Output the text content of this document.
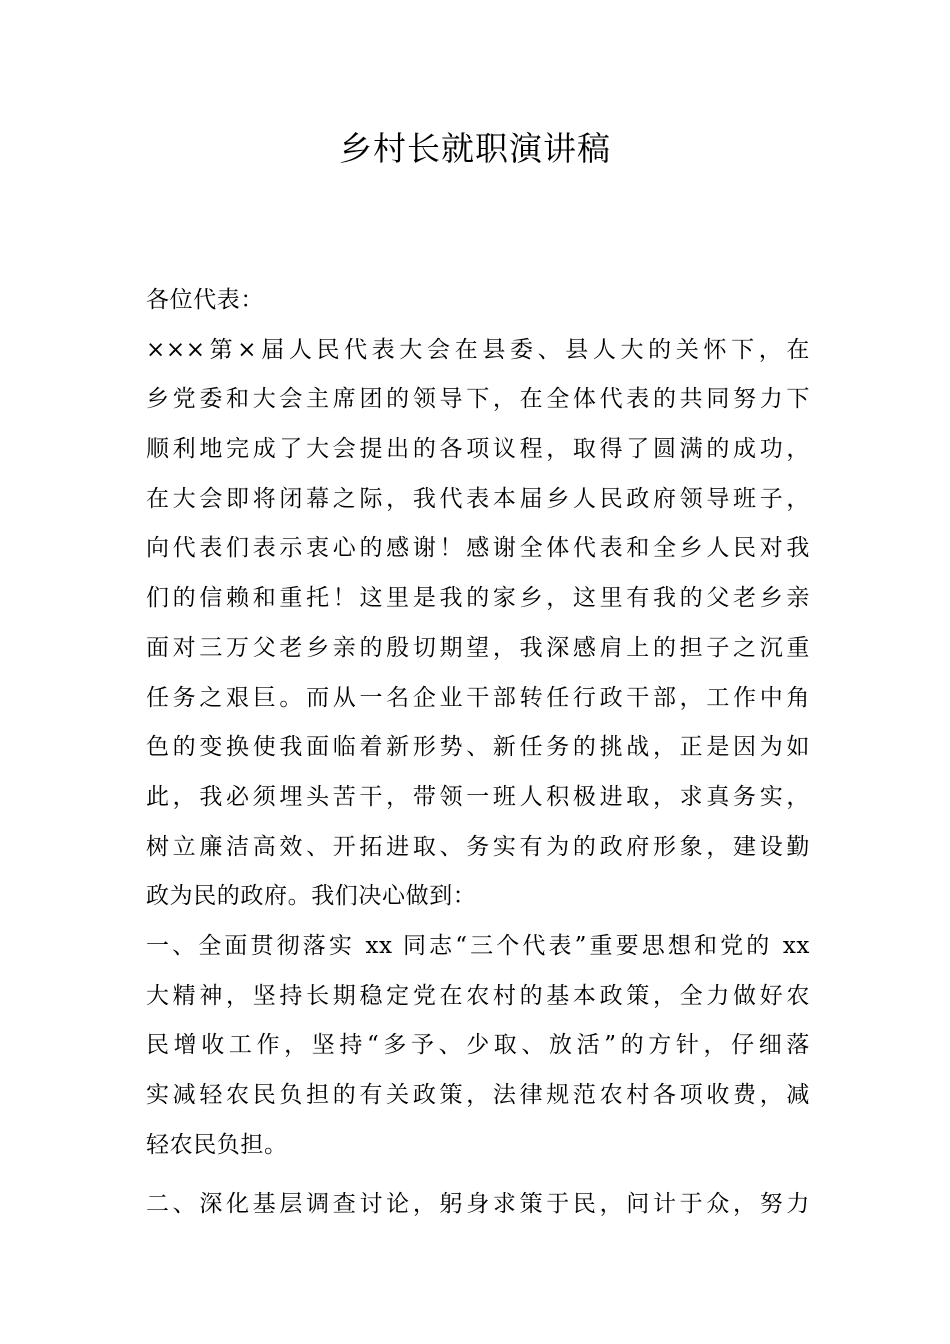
乡村长就职演讲稿
各位代表：
×××第×届人民代表大会在县委、县人大的关怀下，在
乡党委和大会主席团的领导下，在全体代表的共同努力下
顺利地完成了大会提出的各项议程，取得了圆满的成功，
在大会即将闭幕之际，我代表本届乡人民政府领导班子，
向代表们表示衷心的感谢！感谢全体代表和全乡人民对我
们的信赖和重托！这里是我的家乡，这里有我的父老乡亲
面对三万父老乡亲的殷切期望，我深感肩上的担子之沉重
任务之艰巨。而从一名企业干部转任行政干部，工作中角
色的变换使我面临着新形势、新任务的挑战，正是因为如
此，我必须埋头苦干，带领一班人积极进取，求真务实，
树立廉洁高效、开拓进取、务实有为的政府形象，建设勤
政为民的政府。我们决心做到：
一、全面贯彻落实 xx 同志“三个代表”重要思想和党的 xx
大精神，坚持长期稳定党在农村的基本政策，全力做好农
民增收工作，坚持“多予、少取、放活”的方针，仔细落
实减轻农民负担的有关政策，法律规范农村各项收费，减
轻农民负担。
二、深化基层调查讨论，躬身求策于民，问计于众，努力
